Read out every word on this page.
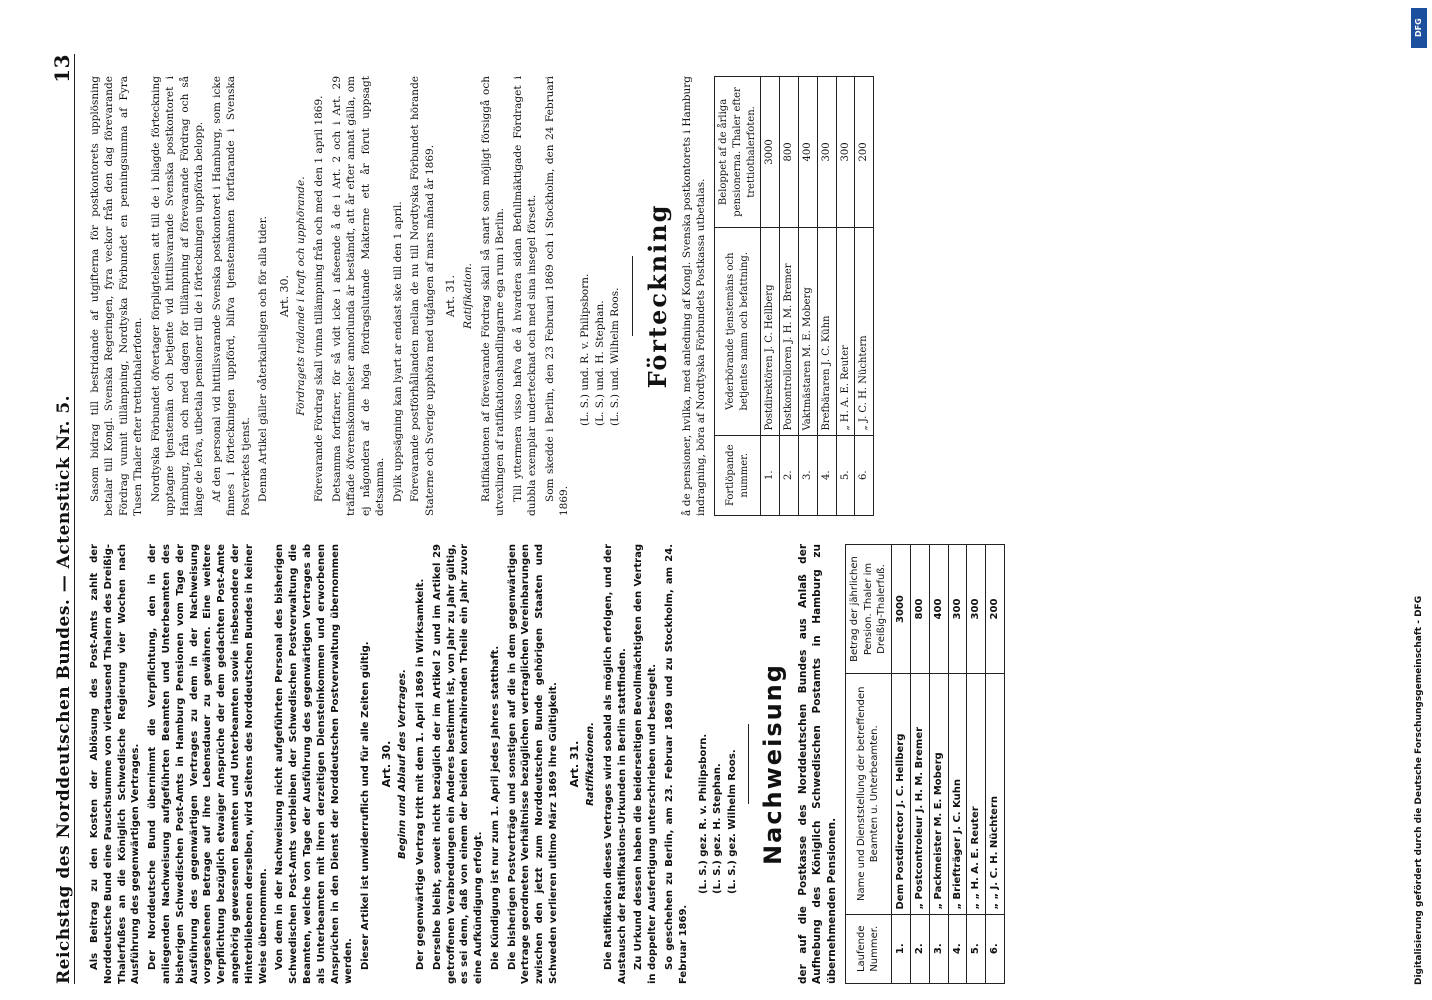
Reichstag des Norddeutschen Bundes. — Actenstück Nr. 5.
13

Als Beitrag zu den Kosten der Ablösung des Post-Amts zahlt der Norddeutsche Bund eine Pauschsumme von viertausend Thalern des Dreißig-Thalerfußes an die Königlich Schwedische Regierung vier Wochen nach Ausführung des gegenwärtigen Vertrages. Der Norddeutsche Bund übernimmt die Verpflichtung, den in der anliegenden Nachweisung aufgeführten Beamten und Unterbeamten des bisherigen Schwedischen Post-Amts in Hamburg Pensionen vom Tage der Ausführung des gegenwärtigen Vertrages zu dem in der Nachweisung vorgesehenen Betrage auf ihre Lebensdauer zu gewähren. Eine weitere Verpflichtung bezüglich etwaiger Ansprüche der dem gedachten Post-Amte angehörig gewesenen Beamten und Unterbeamten sowie insbesondere der Hinterbliebenen derselben, wird Seitens des Norddeutschen Bundes in keiner Weise übernommen. Von dem in der Nachweisung nicht aufgeführten Personal des bisherigen Schwedischen Post-Amts verbleiben der Schwedischen Postverwaltung die Beamten, welche von Tage der Ausführung des gegenwärtigen Vertrages ab als Unterbeamten mit ihren derzeitigen Diensteinkommen und erworbenen Ansprüchen in den Dienst der Norddeutschen Postverwaltung übernommen werden. Dieser Artikel ist unwiderruflich und für alle Zeiten gültig. Art. 30. Beginn und Ablauf des Vertrages. Der gegenwärtige Vertrag tritt mit dem 1. April 1869 in Wirksamkeit. Derselbe bleibt, soweit nicht bezüglich der im Artikel 2 und im Artikel 29 getroffenen Verabredungen ein Anderes bestimmt ist, von Jahr zu Jahr gültig, es sei denn, daß von einem der beiden kontrahirenden Theile ein Jahr zuvor eine Aufkündigung erfolgt. Die Kündigung ist nur zum 1. April jedes Jahres statthaft. Die bisherigen Postverträge und sonstigen auf die in dem gegenwärtigen Vertrage geordneten Verhältnisse bezüglichen vertraglichen Vereinbarungen zwischen den jetzt zum Norddeutschen Bunde gehörigen Staaten und Schweden verlieren ultimo März 1869 ihre Gültigkeit. Art. 31. Ratifikationen. Die Ratifikation dieses Vertrages wird sobald als möglich erfolgen, und der Austausch der Ratifikations-Urkunden in Berlin stattfinden. Zu Urkund dessen haben die beiderseitigen Bevollmächtigten den Vertrag in doppelter Ausfertigung unterschrieben und besiegelt. So geschehen zu Berlin, am 23. Februar 1869 und zu Stockholm, am 24. Februar 1869.

(L. S.) gez. R. v. Philipsborn. (L. S.) gez. H. Stephan. (L. S.) gez. Wilhelm Roos. Nachweisung der auf die Postkasse des Norddeutschen Bundes aus Anlaß der Aufhebung des Königlich Schwedischen Postamts in Hamburg zu übernehmenden Pensionen. Laufende Nummer.	Name und Dienststellung der betreffenden Beamten u. Unterbeamten.	Betrag der jährlichen Pension. Thaler im Dreißig-Thalerfuß.
1.	Dem Postdirector J. C. Hellberg	3000
2.	„ Postcontroleur J. H. M. Bremer	800
3.	„ Packmeister M. E. Moberg	400
4.	„ Briefträger J. C. Kuhn	300
5.	„ „ H. A. E. Reuter	300
6.	„ „ J. C. H. Nüchtern	200

Sasom bidrag till bestridande af utgifterna för postkontorets upplösning betalar till Kongl. Svenska Regeringen, fyra veckor från den dag förevarande Fördrag vunnit tillämpning, Nordtyska Förbundet en penningsumma af Fyra Tusen Thaler efter trettiothalerfoten. Nordtyska Förbundet öfvertager förpligtelsen att till de i bilagde förteckning upptagne tjenstemän och betjente vid hittillsvarande Svenska postkontoret i Hamburg, från och med dagen för tillämpning af förevarande Fördrag och så länge de lefva, utbetala pensioner till de i förteckningen uppförda belopp. Af den personal vid hittillsvarande Svenska postkontoret i Hamburg, som icke finnes i förteckningen uppförd, blifva tjenstemännen fortfarande i Svenska Postverkets tjenst. Denna Artikel gäller oåterkalleligen och för alla tider. Art. 30. Fördragets trädande i kraft och upphörande. Förevarande Fördrag skall vinna tillämpning från och med den 1 april 1869. Detsamma fortfarer, för så vidt icke i afseende å de i Art. 2 och i Art. 29 träffade öfverenskommelser annorlunda är bestämdt, att år efter annat gälla, om ej någondera af de höga fördragslutande Makterne ett år förut uppsagt detsamma. Dylik uppsägning kan lyart ar endast ske till den 1 april. Förevarande postförhållanden mellan de nu till Nordtyska Förbundet hörande Staterne och Sverige upphöra med utgången af mars månad år 1869. Art. 31. Ratifikation. Ratifikationen af förevarande Fördrag skall så snart som möjligt försiggå och utvexlingen af ratifikationshandlingarne ega rum i Berlin. Till yttermera visso hafva de å hvardera sidan Befullmäktigade Fördraget i dubbla exemplar undertecknat och med sina insegel försett. Som skedde i Berlin, den 23 Februari 1869 och i Stockholm, den 24 Februari 1869.

(L. S.) und. R. v. Philipsborn. (L. S.) und. H. Stephan. (L. S.) und. Wilhelm Roos. Förteckning å de pensioner, hvilka, med anledning af Kongl. Svenska postkontorets i Hamburg indragning, böra af Nordtyska Förbundets Postkassa utbetalas. Fortlöpande nummer.	Vederbörande tjenstemäns och betjentes namn och befattning.	Beloppet af de årliga pensionerna. Thaler efter trettiothalerfoten.
1.	Postdirektören J. C. Hellberg	3000
2.	Postkontrolloren J. H. M. Bremer	800
3.	Vaktmästaren M. E. Moberg	400
4.	Brefbäraren J. C. Kühn	300
5.	„ H. A. E. Reuter	300
6.	„ J. C. H. Nüchtern	200
DFG
Digitalisierung gefördert durch die Deutsche Forschungsgemeinschaft - DFG
